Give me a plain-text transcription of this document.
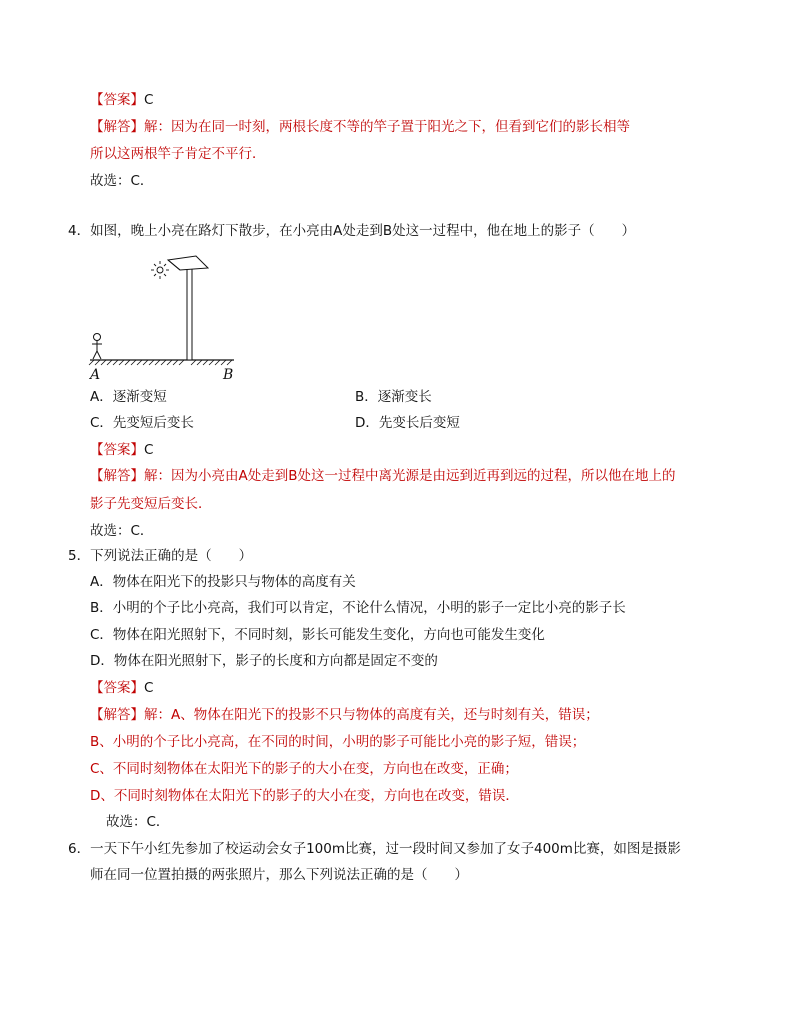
【答案】C
【解答】解：因为在同一时刻，两根长度不等的竿子置于阳光之下，但看到它们的影长相等
所以这两根竿子肯定不平行．
故选：C．
4．如图，晚上小亮在路灯下散步，在小亮由A处走到B处这一过程中，他在地上的影子（　　）
A	B
A．逐渐变短	B．逐渐变长
C．先变短后变长	D．先变长后变短
【答案】C
【解答】解：因为小亮由A处走到B处这一过程中离光源是由远到近再到远的过程，所以他在地上的
影子先变短后变长．
故选：C．
5．下列说法正确的是（　　）
A．物体在阳光下的投影只与物体的高度有关
B．小明的个子比小亮高，我们可以肯定，不论什么情况，小明的影子一定比小亮的影子长
C．物体在阳光照射下，不同时刻，影长可能发生变化，方向也可能发生变化
D．物体在阳光照射下，影子的长度和方向都是固定不变的
【答案】C
【解答】解：A、物体在阳光下的投影不只与物体的高度有关，还与时刻有关，错误；
B、小明的个子比小亮高，在不同的时间，小明的影子可能比小亮的影子短，错误；
C、不同时刻物体在太阳光下的影子的大小在变，方向也在改变，正确；
D、不同时刻物体在太阳光下的影子的大小在变，方向也在改变，错误．
故选：C．
6．一天下午小红先参加了校运动会女子100m比赛，过一段时间又参加了女子400m比赛，如图是摄影
师在同一位置拍摄的两张照片，那么下列说法正确的是（　　）
